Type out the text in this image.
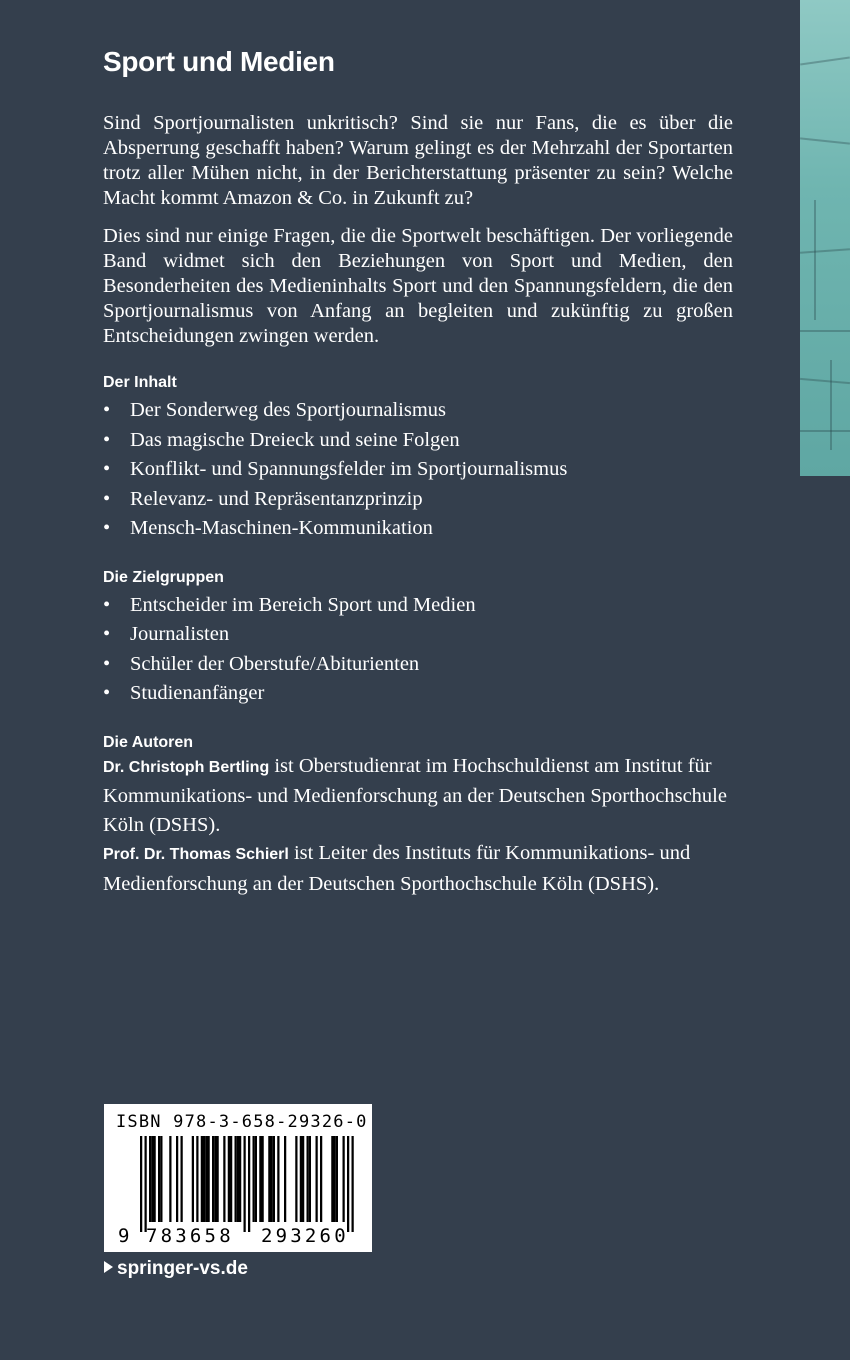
Sport und Medien

Sind Sportjournalisten unkritisch? Sind sie nur Fans, die es über die Absperrung geschafft haben? Warum gelingt es der Mehrzahl der Sportarten trotz aller Mühen nicht, in der Berichterstattung präsenter zu sein? Welche Macht kommt Amazon & Co. in Zukunft zu?

Dies sind nur einige Fragen, die die Sportwelt beschäftigen. Der vorliegende Band widmet sich den Beziehungen von Sport und Medien, den Besonderheiten des Medieninhalts Sport und den Spannungsfeldern, die den Sportjournalismus von Anfang an begleiten und zukünftig zu großen Entscheidungen zwingen werden.

Der Inhalt
• Der Sonderweg des Sportjournalismus
• Das magische Dreieck und seine Folgen
• Konflikt- und Spannungsfelder im Sportjournalismus
• Relevanz- und Repräsentanzprinzip
• Mensch-Maschinen-Kommunikation
Die Zielgruppen
• Entscheider im Bereich Sport und Medien
• Journalisten
• Schüler der Oberstufe/Abiturienten
• Studienanfänger
Die Autoren

Dr. Christoph Bertling ist Oberstudienrat im Hochschuldienst am Institut für Kommunikations- und Medienforschung an der Deutschen Sporthochschule Köln (DSHS).

Prof. Dr. Thomas Schierl ist Leiter des Instituts für Kommunikations- und Medienforschung an der Deutschen Sporthochschule Köln (DSHS).

ISBN 978-3-658-29326-0
9 783658 293260
springer-vs.de
